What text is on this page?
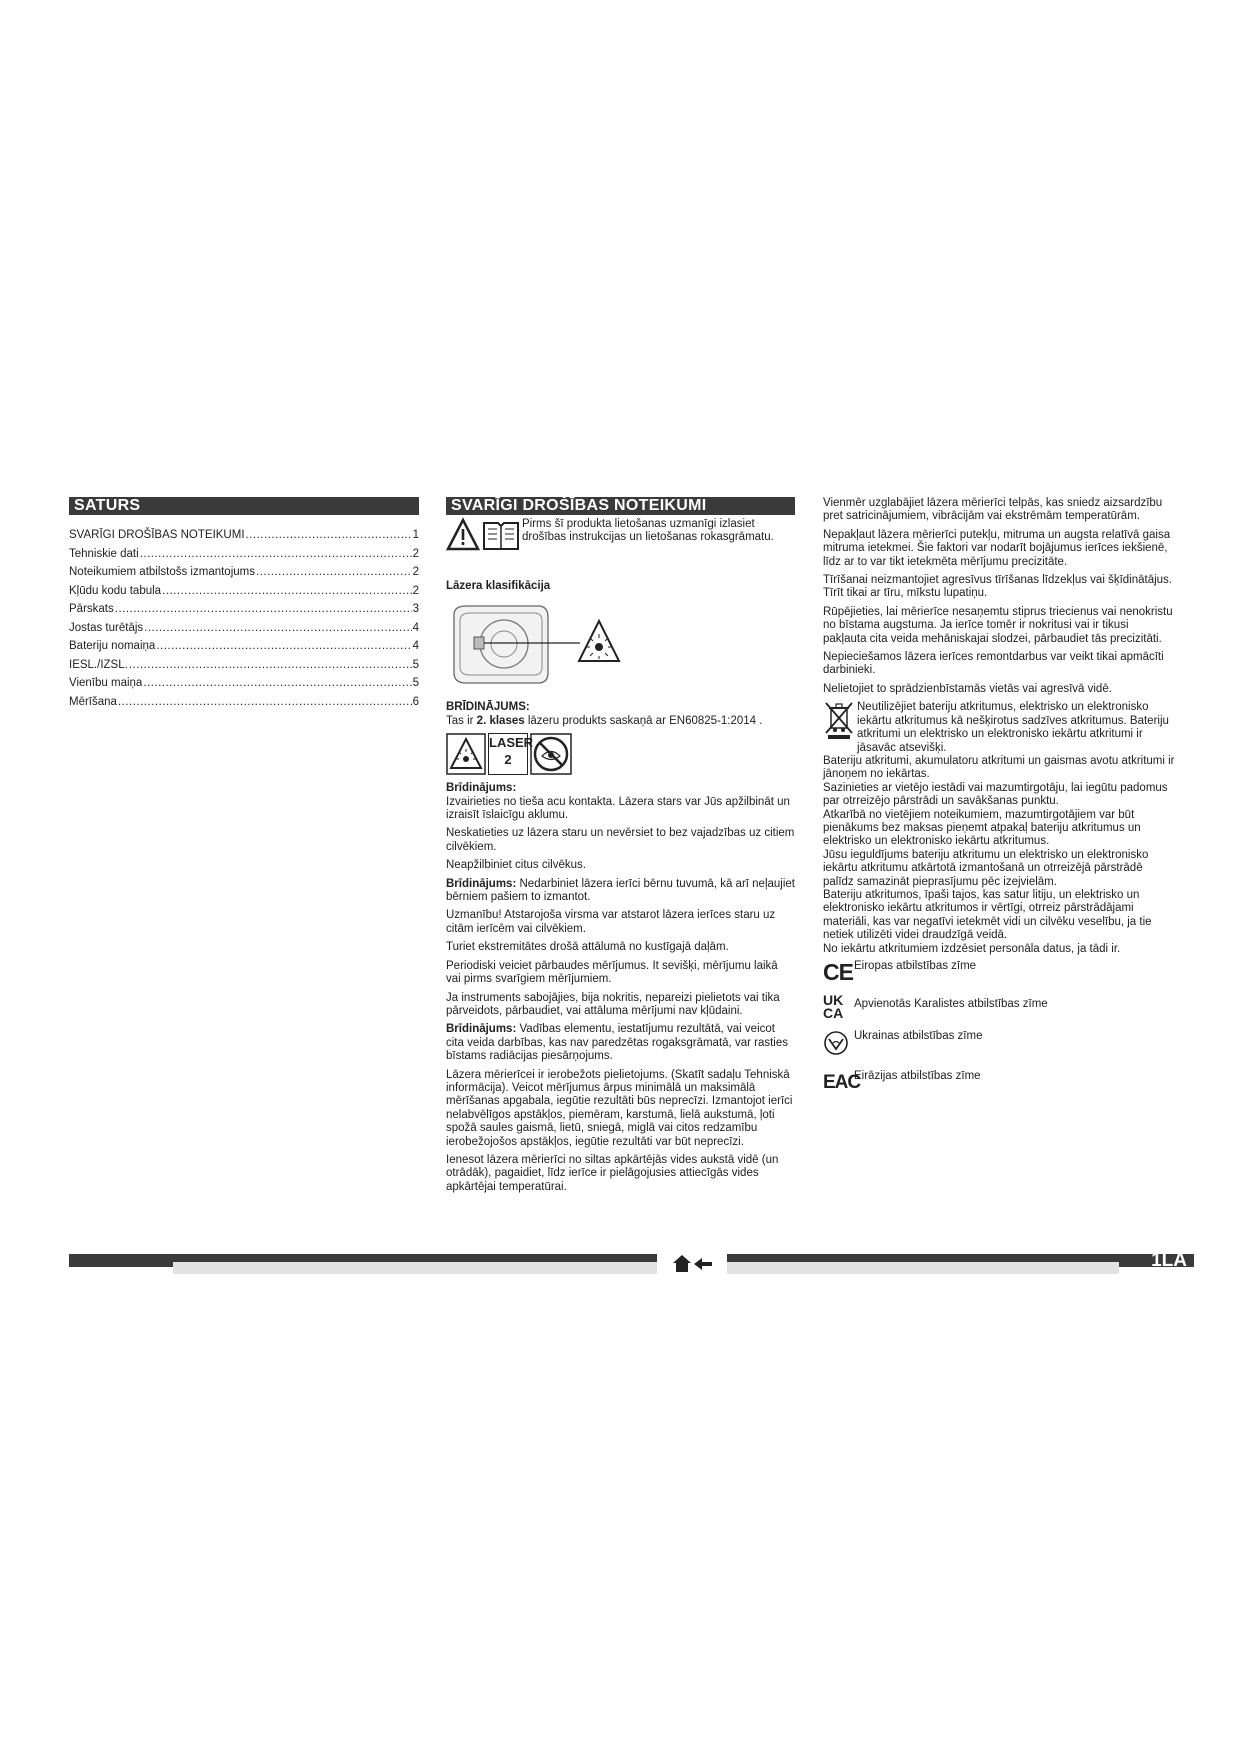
SATURS
SVARĪGI DROŠĪBAS NOTEIKUMI .....	1
Tehniskie dati .....	2
Noteikumiem atbilstošs izmantojums .....	2
Kļūdu kodu tabula .....	2
Pārskats .....	3
Jostas turētājs .....	4
Bateriju nomaiņa .....	4
IESL./IZSL. .....	5
Vienību maiņa .....	5
Mērīšana .....	6
SVARĪGI DROŠĪBAS NOTEIKUMI
Pirms šī produkta lietošanas uzmanīgi izlasiet drošības instrukcijas un lietošanas rokasgrāmatu.
Lāzera klasifikācija
BRĪDINĀJUMS:
Tas ir 2. klases lāzeru produkts saskaņā ar EN60825-1:2014 .
LASER
2
Brīdinājums:

Izvairieties no tieša acu kontakta. Lāzera stars var Jūs apžilbināt un izraisīt īslaicīgu aklumu.

Neskatieties uz lāzera staru un nevērsiet to bez vajadzības uz citiem cilvēkiem.

Neapžilbiniet citus cilvēkus.

Brīdinājums: Nedarbiniet lāzera ierīci bērnu tuvumā, kā arī neļaujiet bērniem pašiem to izmantot.

Uzmanību! Atstarojoša virsma var atstarot lāzera ierīces staru uz citām ierīcēm vai cilvēkiem.

Turiet ekstremitātes drošā attālumā no kustīgajā daļām.

Periodiski veiciet pārbaudes mērījumus. It sevišķi, mērījumu laikā vai pirms svarīgiem mērījumiem.

Ja instruments sabojājies, bija nokritis, nepareizi pielietots vai tika pārveidots, pārbaudiet, vai attāluma mērījumi nav kļūdaini.

Brīdinājums: Vadības elementu, iestatījumu rezultātā, vai veicot cita veida darbības, kas nav paredzētas rogaksgrāmatā, var rasties bīstams radiācijas piesārņojums.

Lāzera mērierīcei ir ierobežots pielietojums. (Skatīt sadaļu Tehniskā informācija). Veicot mērījumus ārpus minimālā un maksimālā mērīšanas apgabala, iegūtie rezultāti būs neprecīzi. Izmantojot ierīci nelabvēlīgos apstākļos, piemēram, karstumā, lielā aukstumā, ļoti spožā saules gaismā, lietū, sniegā, miglā vai citos redzamību ierobežojošos apstākļos, iegūtie rezultāti var būt neprecīzi.

Ienesot lāzera mērierīci no siltas apkārtējās vides aukstā vidē (un otrādāk), pagaidiet, līdz ierīce ir pielāgojusies attiecīgās vides apkārtējai temperatūrai.

Vienmēr uzglabājiet lāzera mērierīci telpās, kas sniedz aizsardzību pret satricinājumiem, vibrācijām vai ekstrēmām temperatūrām.

Nepakļaut lāzera mērierīci putekļu, mitruma un augsta relatīvā gaisa mitruma ietekmei. Šie faktori var nodarīt bojājumus ierīces iekšienē, līdz ar to var tikt ietekmēta mērījumu precizitāte.

Tīrīšanai neizmantojiet agresīvus tīrīšanas līdzekļus vai šķīdinātājus. Tīrīt tikai ar tīru, mīkstu lupatiņu.

Rūpējieties, lai mērierīce nesaņemtu stiprus triecienus vai nenokristu no bīstama augstuma. Ja ierīce tomēr ir nokritusi vai ir tikusi pakļauta cita veida mehāniskajai slodzei, pārbaudiet tās precizitāti.

Nepieciešamos lāzera ierīces remontdarbus var veikt tikai apmācīti darbinieki.

Nelietojiet to sprādzienbīstamās vietās vai agresīvā vidē.

Neutilizējiet bateriju atkritumus, elektrisko un elektronisko iekārtu atkritumus kā nešķirotus sadzīves atkritumus. Bateriju atkritumi un elektrisko un elektronisko iekārtu atkritumi ir jāsavāc atsevišķi.
Bateriju atkritumi, akumulatoru atkritumi un gaismas avotu atkritumi ir jānoņem no iekārtas.
Sazinieties ar vietējo iestādi vai mazumtirgotāju, lai iegūtu padomus par otrreizējo pārstrādi un savākšanas punktu.
Atkarībā no vietējiem noteikumiem, mazumtirgotājiem var būt pienākums bez maksas pieņemt atpakaļ bateriju atkritumus un elektrisko un elektronisko iekārtu atkritumus.
Jūsu ieguldījums bateriju atkritumu un elektrisko un elektronisko iekārtu atkritumu atkārtotā izmantošanā un otrreizējā pārstrādē palīdz samazināt pieprasījumu pēc izejvielām.
Bateriju atkritumos, īpaši tajos, kas satur litiju, un elektrisko un elektronisko iekārtu atkritumos ir vērtīgi, otrreiz pārstrādājami materiāli, kas var negatīvi ietekmēt vidi un cilvēku veselību, ja tie netiek utilizēti videi draudzīgā veidā.
No iekārtu atkritumiem izdzēsiet personāla datus, ja tādi ir.
CE Eiropas atbilstības zīme
UK CA
Apvienotās Karalistes atbilstības zīme
Ukrainas atbilstības zīme
EAC
Eirāzijas atbilstības zīme
1LA
